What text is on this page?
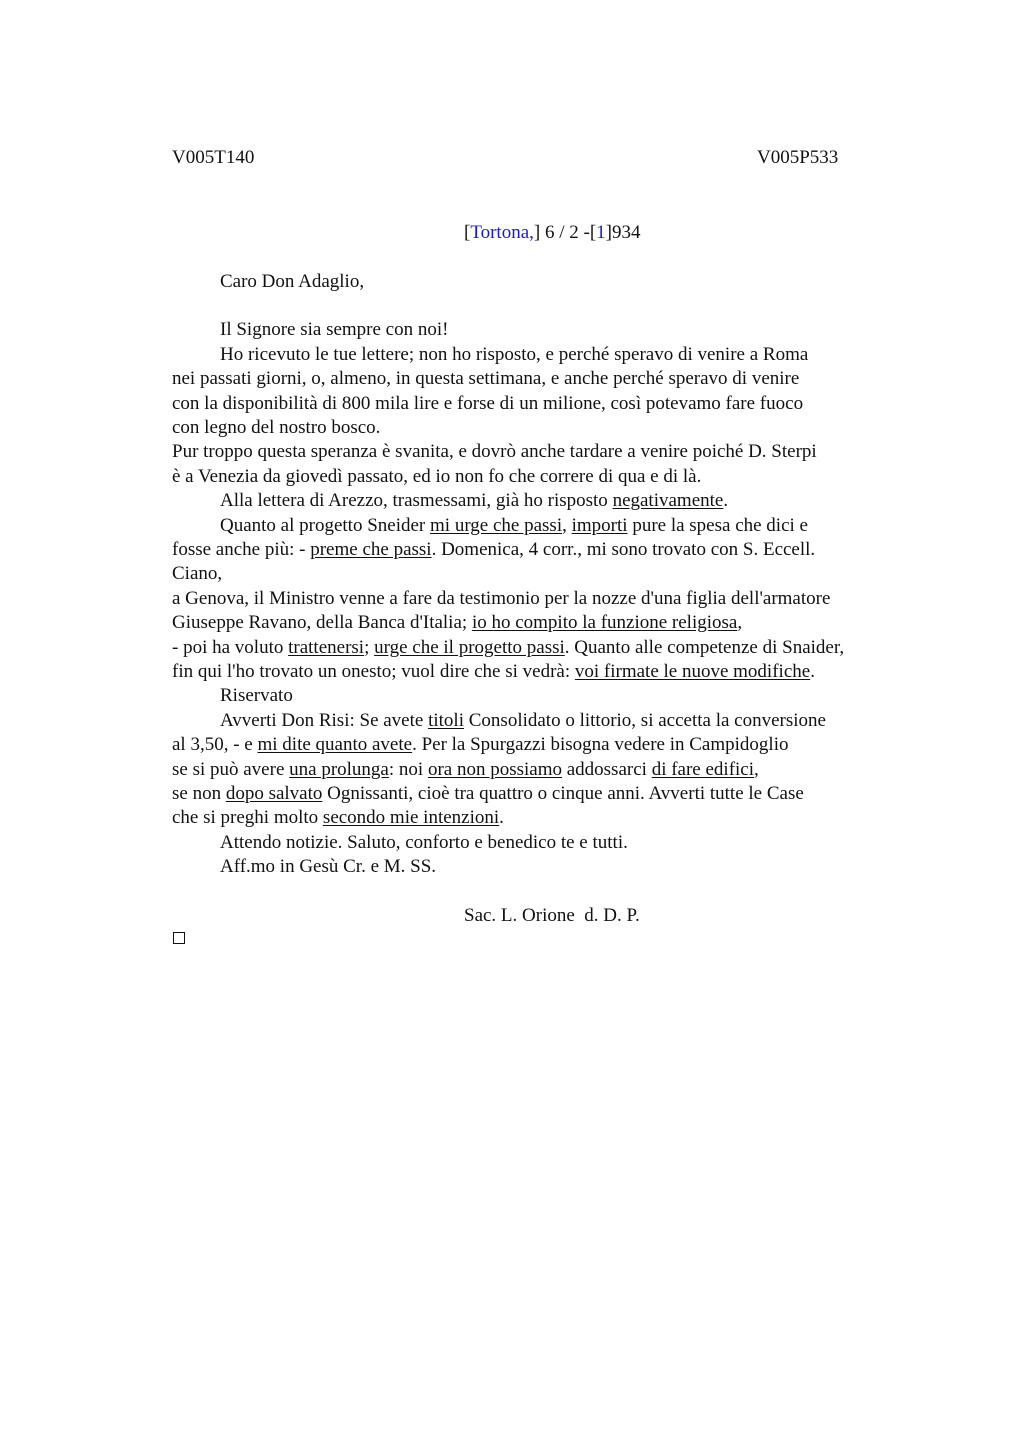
V005T140	V005P533
[Tortona,] 6 / 2 -[1]934
Caro Don Adaglio,
Il Signore sia sempre con noi!
Ho ricevuto le tue lettere; non ho risposto, e perché speravo di venire a Roma
nei passati giorni, o, almeno, in questa settimana, e anche perché speravo di venire
con la disponibilità di 800 mila lire e forse di un milione, così potevamo fare fuoco
con legno del nostro bosco.
Pur troppo questa speranza è svanita, e dovrò anche tardare a venire poiché D. Sterpi
è a Venezia da giovedì passato, ed io non fo che correre di qua e di là.
Alla lettera di Arezzo, trasmessami, già ho risposto negativamente.
Quanto al progetto Sneider mi urge che passi, importi pure la spesa che dici e
fosse anche più: - preme che passi. Domenica, 4 corr., mi sono trovato con S. Eccell.
Ciano,
a Genova, il Ministro venne a fare da testimonio per la nozze d'una figlia dell'armatore
Giuseppe Ravano, della Banca d'Italia; io ho compito la funzione religiosa,
- poi ha voluto trattenersi; urge che il progetto passi. Quanto alle competenze di Snaider,
fin qui l'ho trovato un onesto; vuol dire che si vedrà: voi firmate le nuove modifiche.
Riservato
Avverti Don Risi: Se avete titoli Consolidato o littorio, si accetta la conversione
al 3,50, - e mi dite quanto avete. Per la Spurgazzi bisogna vedere in Campidoglio
se si può avere una prolunga: noi ora non possiamo addossarci di fare edifici,
se non dopo salvato Ognissanti, cioè tra quattro o cinque anni. Avverti tutte le Case
che si preghi molto secondo mie intenzioni.
Attendo notizie. Saluto, conforto e benedico te e tutti.
Aff.mo in Gesù Cr. e M. SS.
Sac. L. Orione  d. D. P.
